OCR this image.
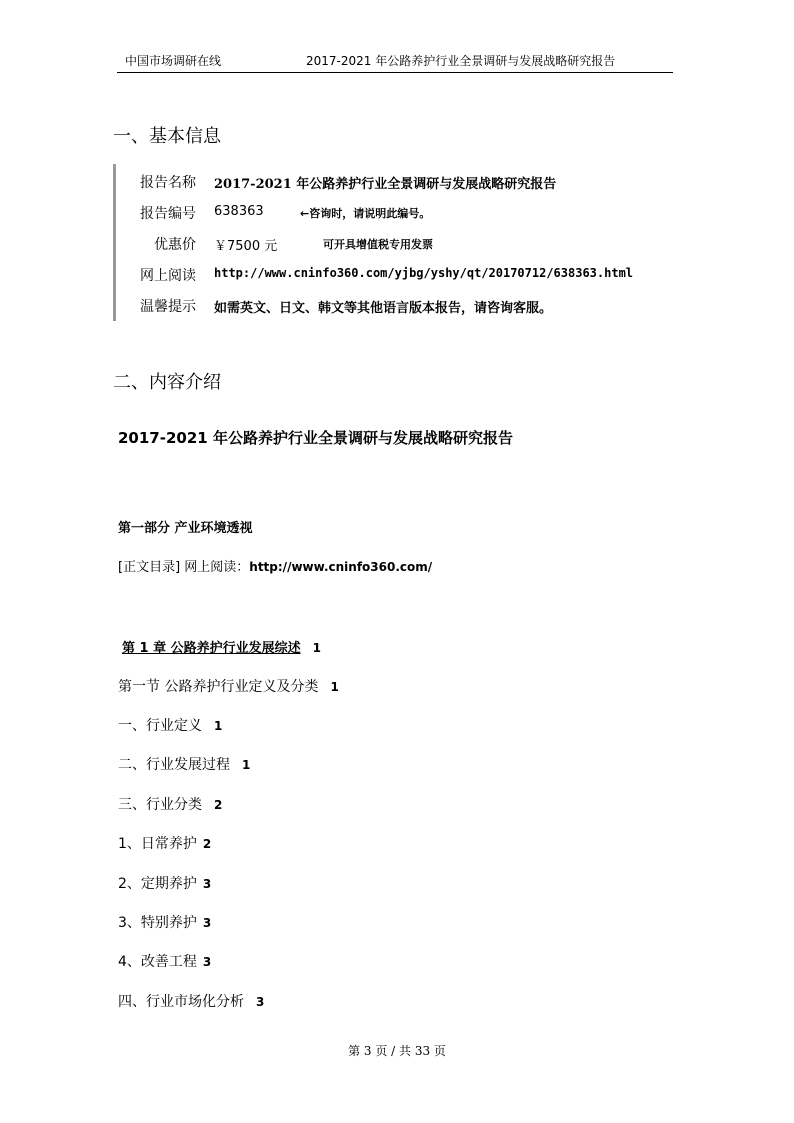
中国市场调研在线	2017-2021 年公路养护行业全景调研与发展战略研究报告
一、基本信息
报告名称 2017-2021 年公路养护行业全景调研与发展战略研究报告
报告编号 638363	←咨询时，请说明此编号。
优惠价 ￥7500 元	可开具增值税专用发票
网上阅读 http://www.cninfo360.com/yjbg/yshy/qt/20170712/638363.html
温馨提示 如需英文、日文、韩文等其他语言版本报告，请咨询客服。
二、内容介绍
2017-2021 年公路养护行业全景调研与发展战略研究报告
第一部分 产业环境透视
[正文目录] 网上阅读：http://www.cninfo360.com/
第 1 章 公路养护行业发展综述 1
第一节 公路养护行业定义及分类 1
一、行业定义 1
二、行业发展过程 1
三、行业分类 2
1、日常养护 2
2、定期养护 3
3、特别养护 3
4、改善工程 3
四、行业市场化分析 3
第 3 页 / 共 33 页
